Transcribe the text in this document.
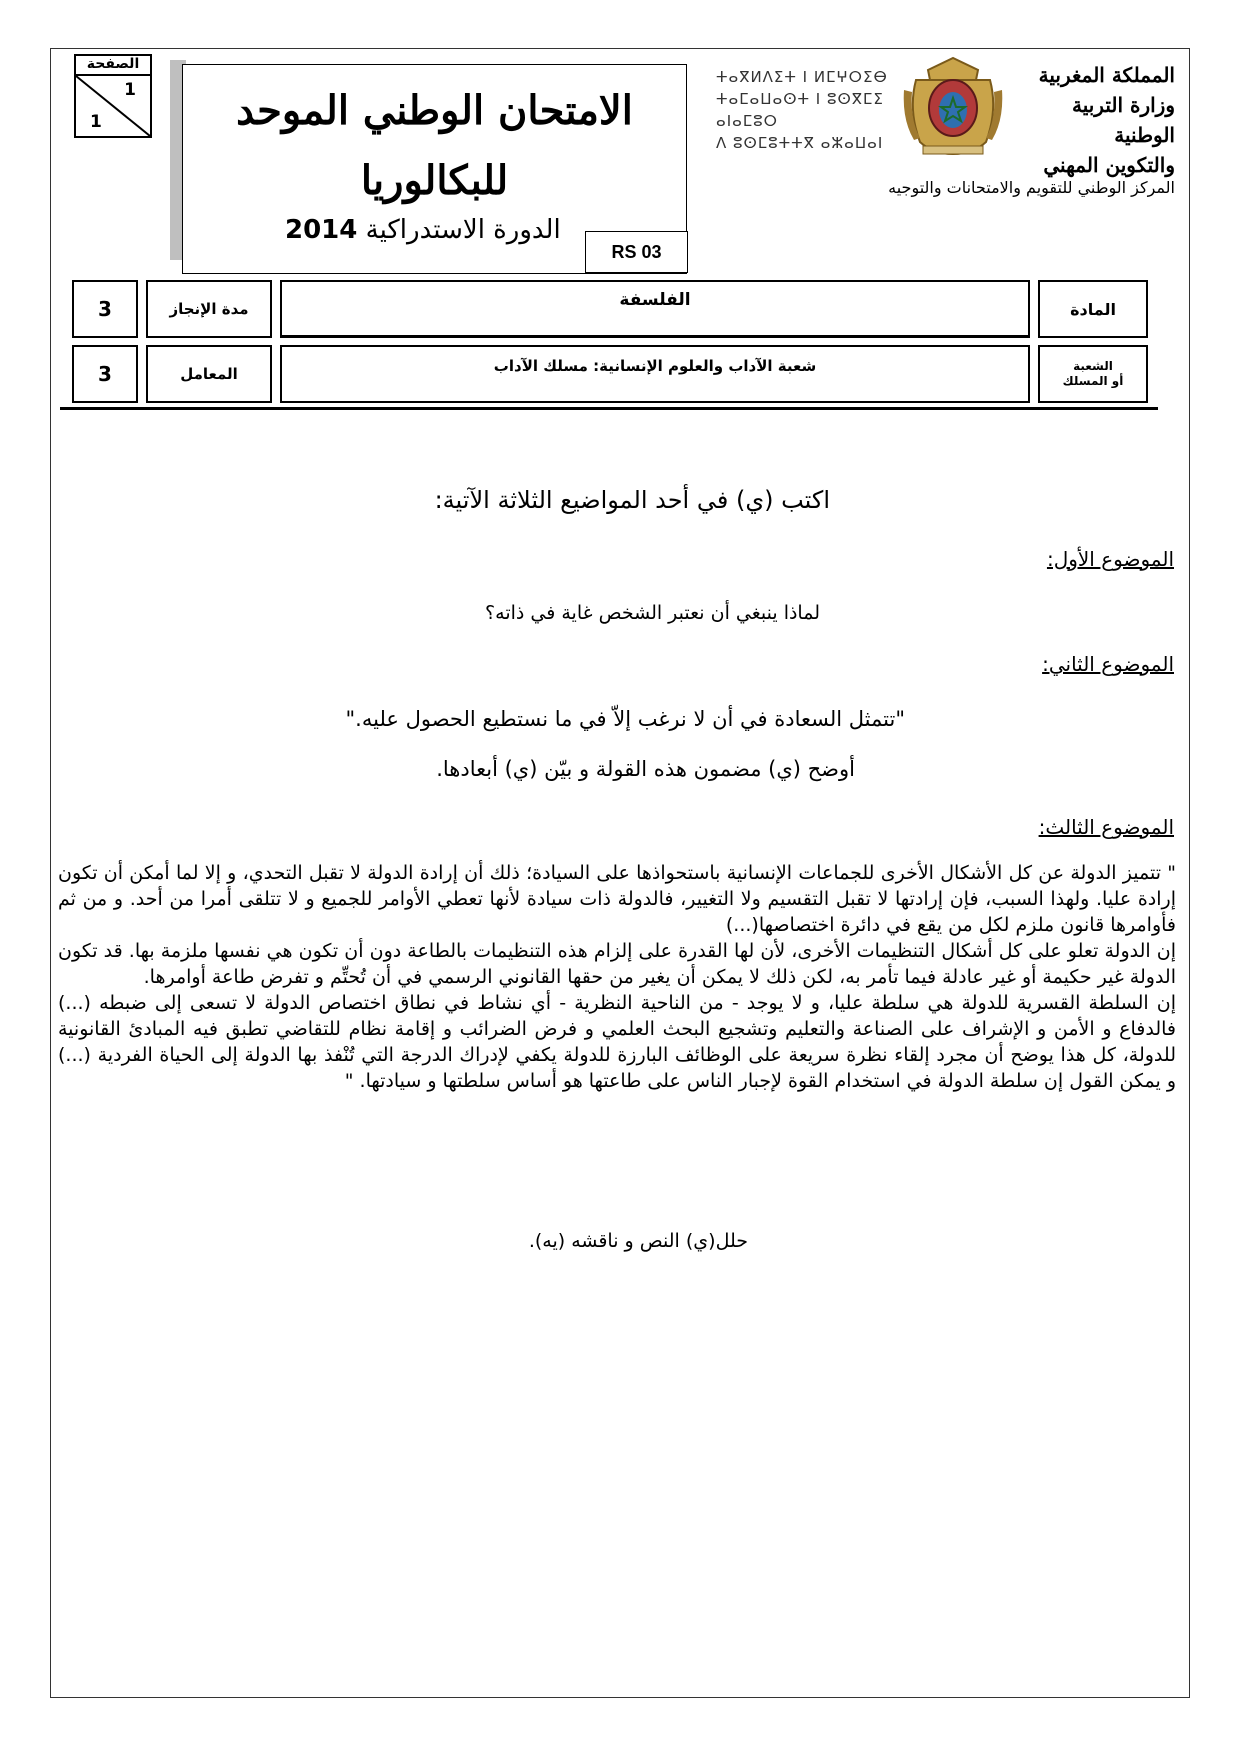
الصفحة
1
1	الامتحان الوطني الموحد
للبكالوريا
الدورة الاستدراكية 2014
RS 03
ⵜⴰⴳⵍⴷⵉⵜ ⵏ ⵍⵎⵖⵔⵉⴱ
ⵜⴰⵎⴰⵡⴰⵙⵜ ⵏ ⵓⵙⴳⵎⵉ ⴰⵏⴰⵎⵓⵔ
ⴷ ⵓⵙⵎⵓⵜⵜⴳ ⴰⵣⴰⵡⴰⵏ
المملكة المغربية
وزارة التربية الوطنية
والتكوين المهني
المركز الوطني للتقويم والامتحانات والتوجيه
المادة
الفلسفة
مدة الإنجاز
3
الشعبة
أو المسلك
شعبة الآداب والعلوم الإنسانية: مسلك الآداب
المعامل
3
اكتب (ي) في أحد المواضيع الثلاثة الآتية:
الموضوع الأول:
لماذا ينبغي أن نعتبر الشخص غاية في ذاته؟
الموضوع الثاني:
"تتمثل السعادة في أن لا نرغب إلاّ في ما نستطيع الحصول عليه."
أوضح (ي) مضمون هذه القولة و بيّن (ي) أبعادها.
الموضوع الثالث:

" تتميز الدولة عن كل الأشكال الأخرى للجماعات الإنسانية باستحواذها على السيادة؛ ذلك أن إرادة الدولة لا تقبل التحدي، و إلا لما أمكن أن تكون إرادة عليا. ولهذا السبب، فإن إرادتها لا تقبل التقسيم ولا التغيير، فالدولة ذات سيادة لأنها تعطي الأوامر للجميع و لا تتلقى أمرا من أحد. و من ثم فأوامرها قانون ملزم لكل من يقع في دائرة اختصاصها(...)

إن الدولة تعلو على كل أشكال التنظيمات الأخرى، لأن لها القدرة على إلزام هذه التنظيمات بالطاعة دون أن تكون هي نفسها ملزمة بها. قد تكون الدولة غير حكيمة أو غير عادلة فيما تأمر به، لكن ذلك لا يمكن أن يغير من حقها القانوني الرسمي في أن تُحتِّم و تفرض طاعة أوامرها.

إن السلطة القسرية للدولة هي سلطة عليا، و لا يوجد - من الناحية النظرية - أي نشاط في نطاق اختصاص الدولة لا تسعى إلى ضبطه (...) فالدفاع و الأمن و الإشراف على الصناعة والتعليم وتشجيع البحث العلمي و فرض الضرائب و إقامة نظام للتقاضي تطبق فيه المبادئ القانونية للدولة، كل هذا يوضح أن مجرد إلقاء نظرة سريعة على الوظائف البارزة للدولة يكفي لإدراك الدرجة التي تُنْفذ بها الدولة إلى الحياة الفردية (...) و يمكن القول إن سلطة الدولة في استخدام القوة لإجبار الناس على طاعتها هو أساس سلطتها و سيادتها. "

حلل(ي) النص و ناقشه (يه).
